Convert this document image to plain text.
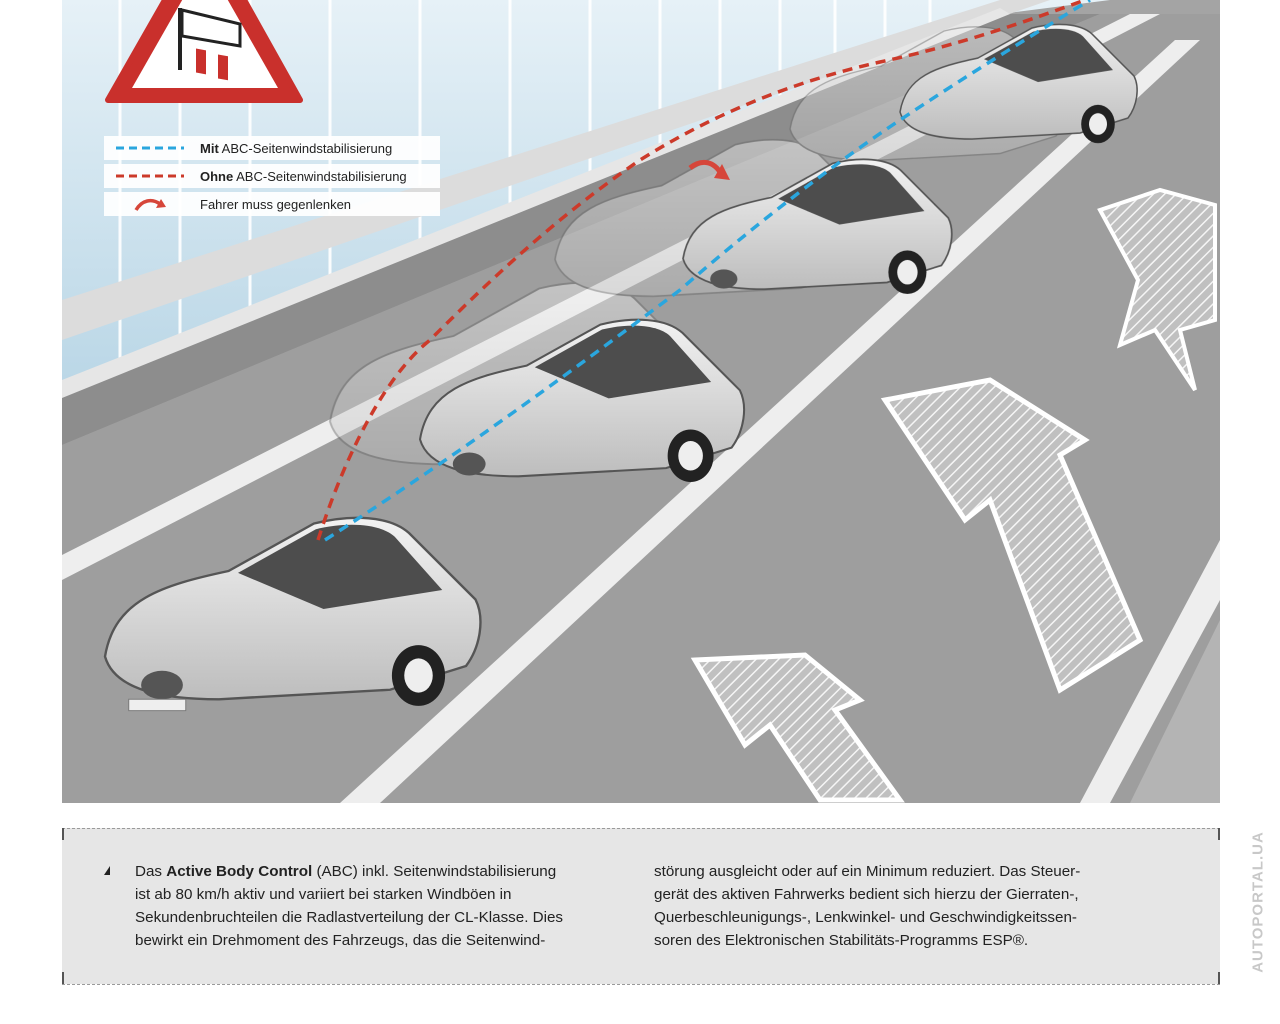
Mit ABC-Seitenwindstabilisierung
Ohne ABC-Seitenwindstabilisierung
Fahrer muss gegenlenken

Das Active Body Control (ABC) inkl. Seitenwindstabilisierung

ist ab 80 km/h aktiv und variiert bei starken Windböen in

Sekundenbruchteilen die Radlastverteilung der CL-Klasse. Dies

bewirkt ein Drehmoment des Fahrzeugs, das die Seitenwind-

störung ausgleicht oder auf ein Minimum reduziert. Das Steuer-

gerät des aktiven Fahrwerks bedient sich hierzu der Gierraten-,

Querbeschleunigungs-, Lenkwinkel- und Geschwindigkeitssen-

soren des Elektronischen Stabilitäts-Programms ESP®.	AUTOPORTAL.UA
